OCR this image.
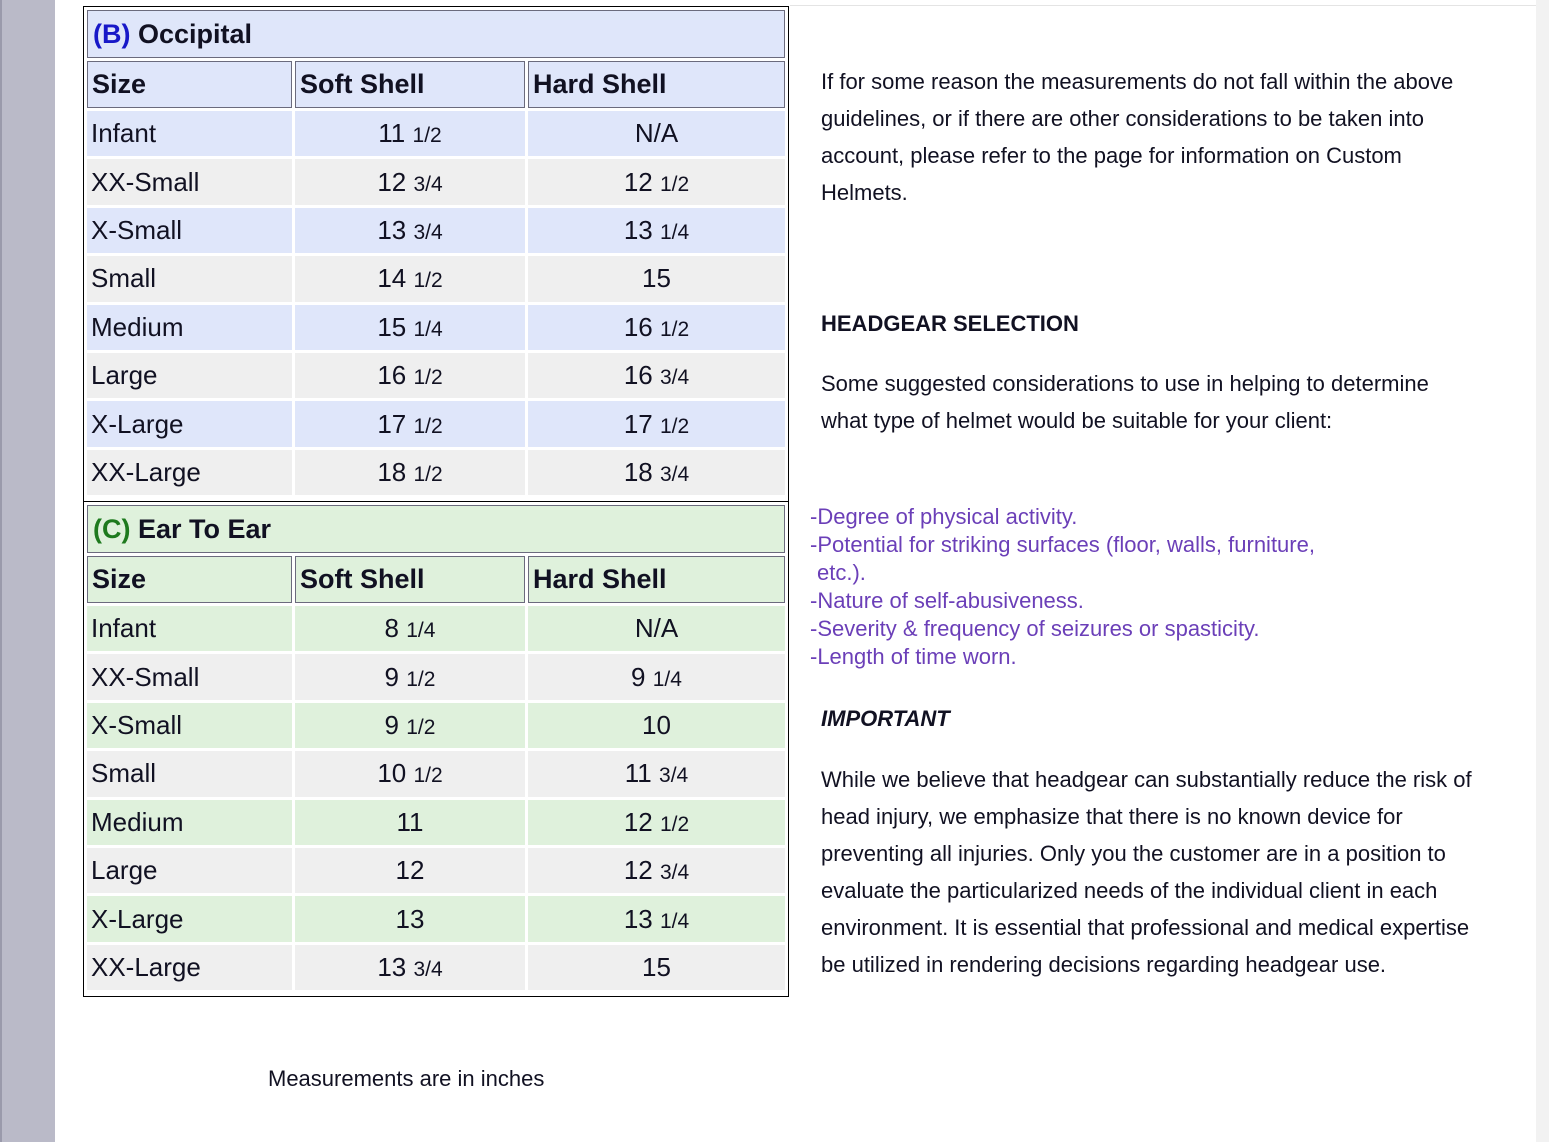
(B) Occipital		
Size	Soft Shell	Hard Shell
Infant	11 1/2	N/A
XX-Small	12 3/4	12 1/2
X-Small	13 3/4	13 1/4
Small	14 1/2	15
Medium	15 1/4	16 1/2
Large	16 1/2	16 3/4
X-Large	17 1/2	17 1/2
XX-Large	18 1/2	18 3/4
(C) Ear To Ear		
Size	Soft Shell	Hard Shell
Infant	8 1/4	N/A
XX-Small	9 1/2	9 1/4
X-Small	9 1/2	10
Small	10 1/2	11 3/4
Medium	11	12 1/2
Large	12	12 3/4
X-Large	13	13 1/4
XX-Large	13 3/4	15
Measurements are in inches
If for some reason the measurements do not fall within the above guidelines, or if there are other considerations to be taken into account, please refer to the page for information on Custom Helmets.
HEADGEAR SELECTION
Some suggested considerations to use in helping to determine what type of helmet would be suitable for your client:
-Degree of physical activity.
-Potential for striking surfaces (floor, walls, furniture,
etc.).
-Nature of self-abusiveness.
-Severity & frequency of seizures or spasticity.
-Length of time worn.
IMPORTANT
While we believe that headgear can substantially reduce the risk of head injury, we emphasize that there is no known device for preventing all injuries. Only you the customer are in a position to evaluate the particularized needs of the individual client in each environment. It is essential that professional and medical expertise be utilized in rendering decisions regarding headgear use.
